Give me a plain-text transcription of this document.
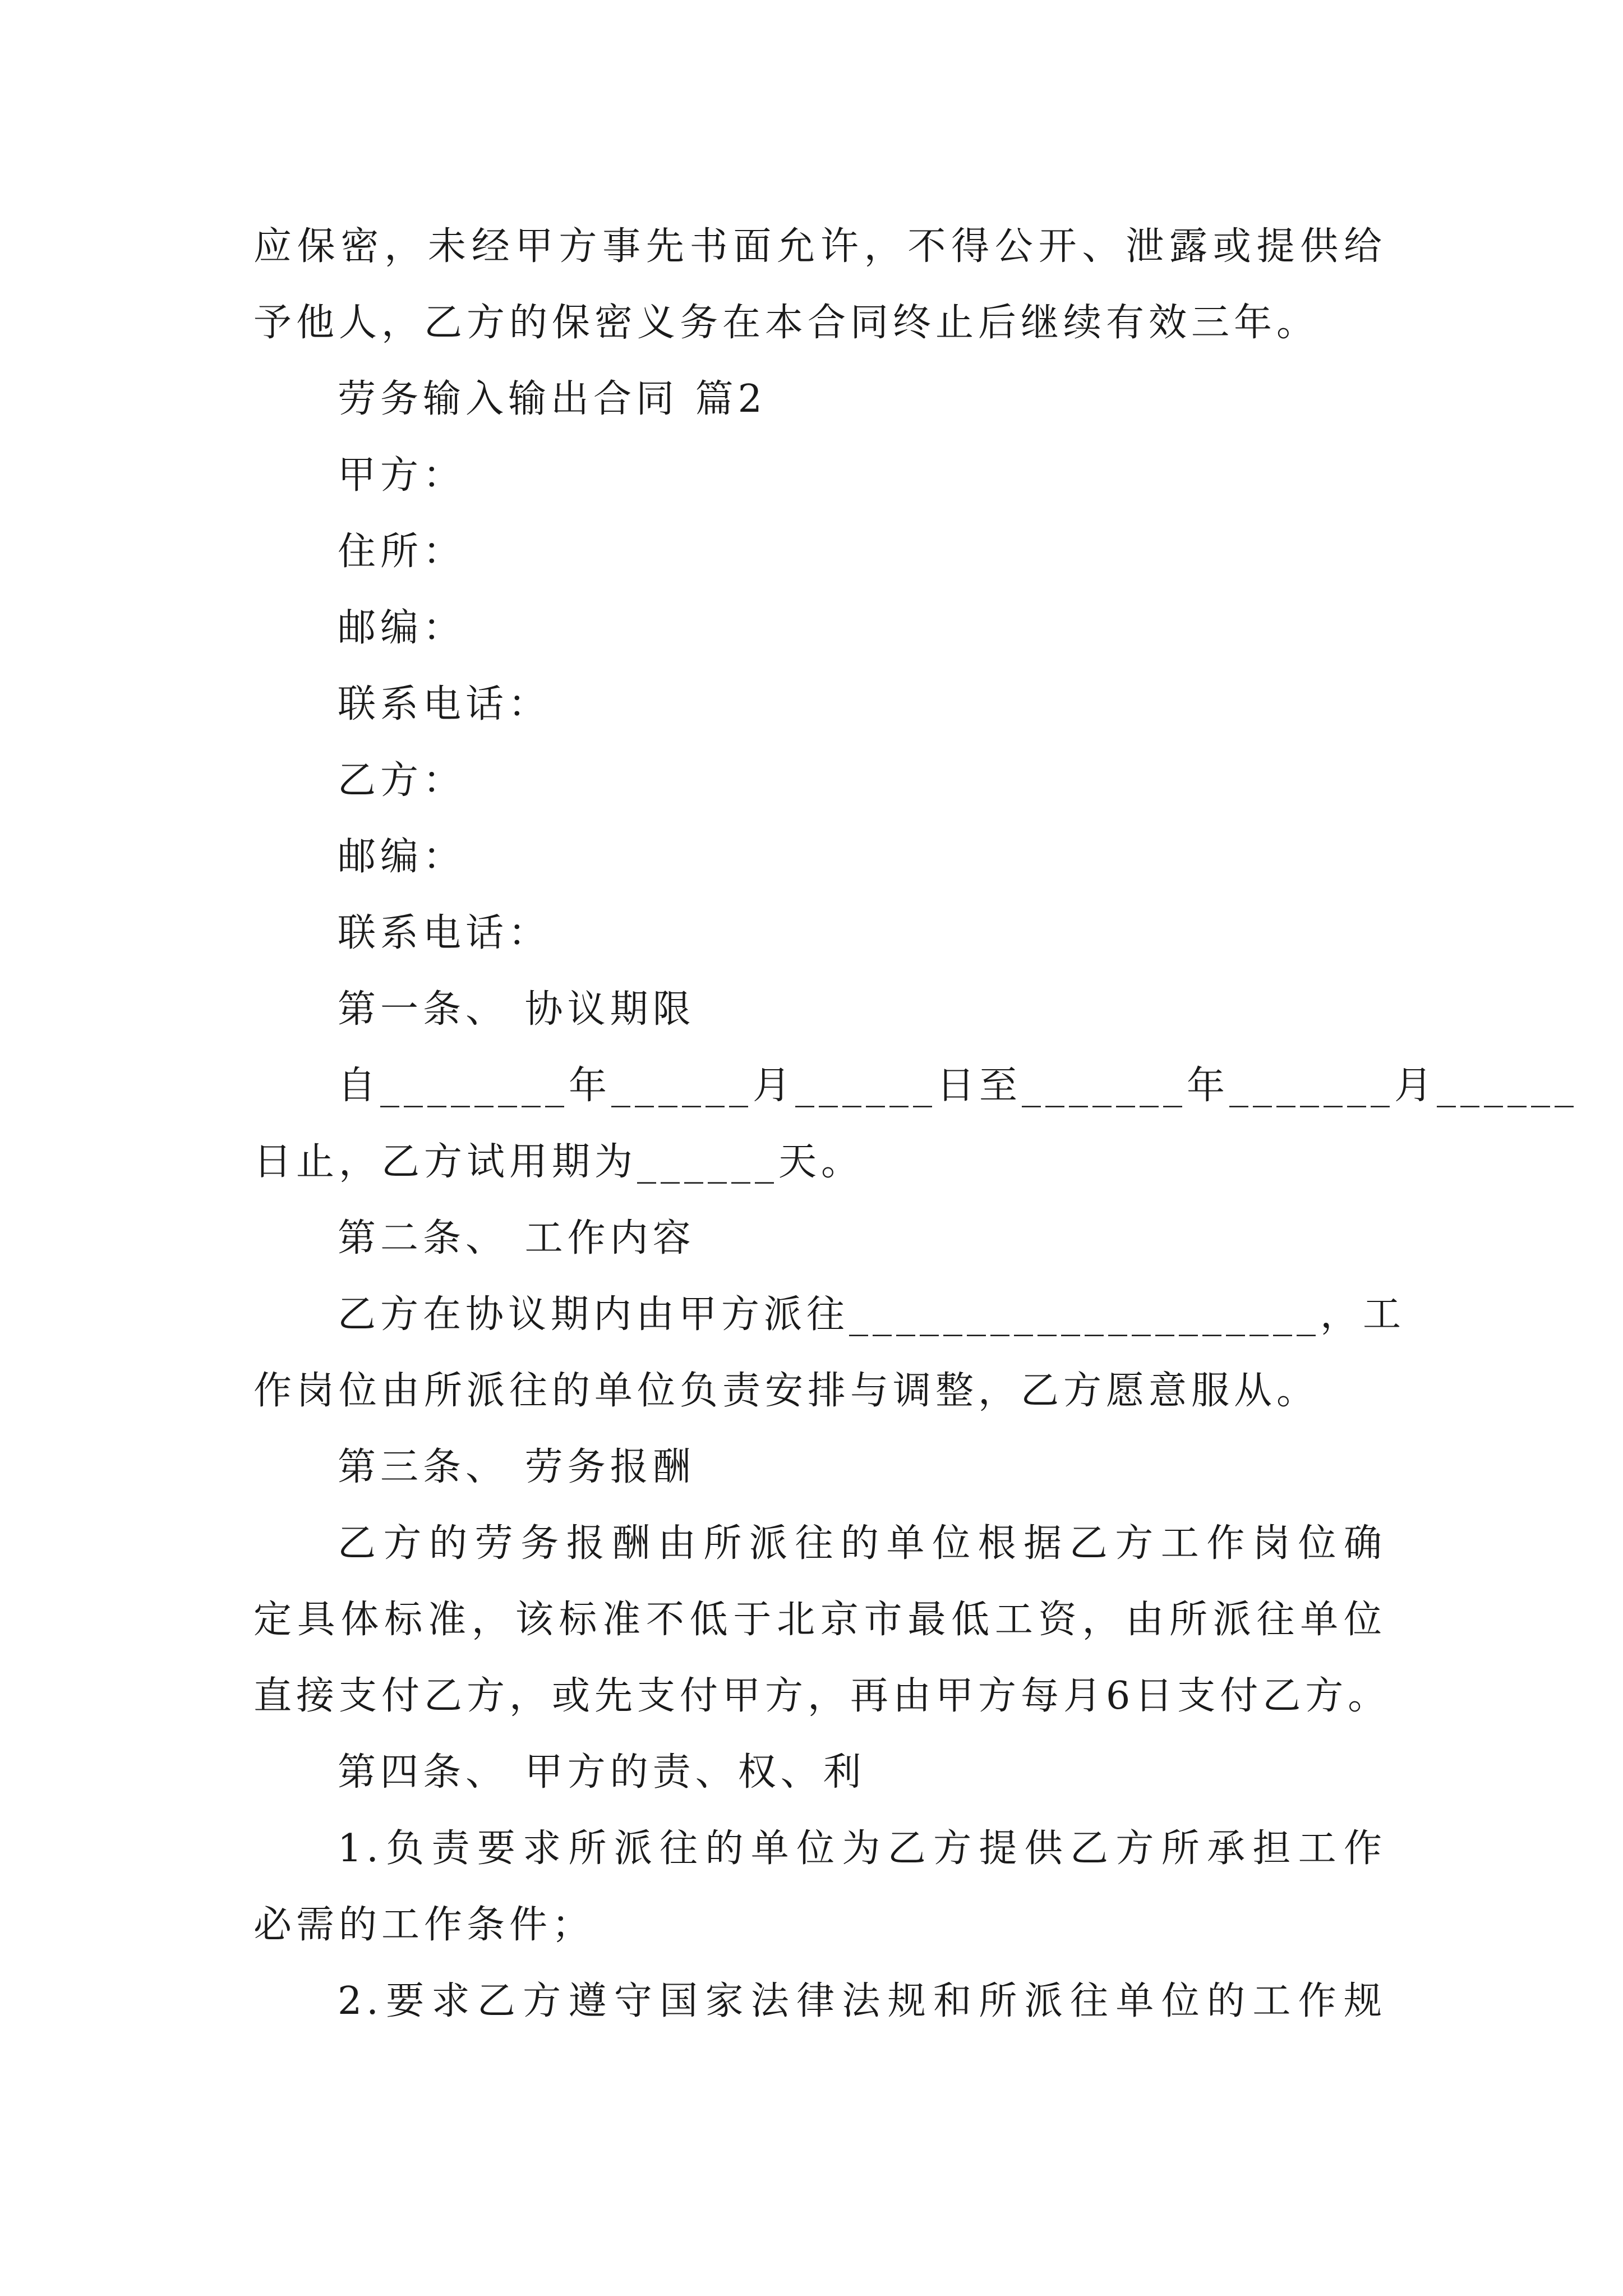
应保密，未经甲方事先书面允许，不得公开、泄露或提供给

予他人，乙方的保密义务在本合同终止后继续有效三年。

劳务输入输出合同 篇2

甲方：

住所：

邮编：

联系电话：

乙方：

邮编：

联系电话：

第一条、 协议期限

自________年______月______日至_______年_______月______

日止，乙方试用期为______天。

第二条、 工作内容

乙方在协议期内由甲方派往____________________，工

作岗位由所派往的单位负责安排与调整，乙方愿意服从。

第三条、 劳务报酬

乙方的劳务报酬由所派往的单位根据乙方工作岗位确

定具体标准，该标准不低于北京市最低工资，由所派往单位

直接支付乙方，或先支付甲方，再由甲方每月6日支付乙方。

第四条、 甲方的责、权、利

1.负责要求所派往的单位为乙方提供乙方所承担工作

必需的工作条件；

2.要求乙方遵守国家法律法规和所派往单位的工作规
